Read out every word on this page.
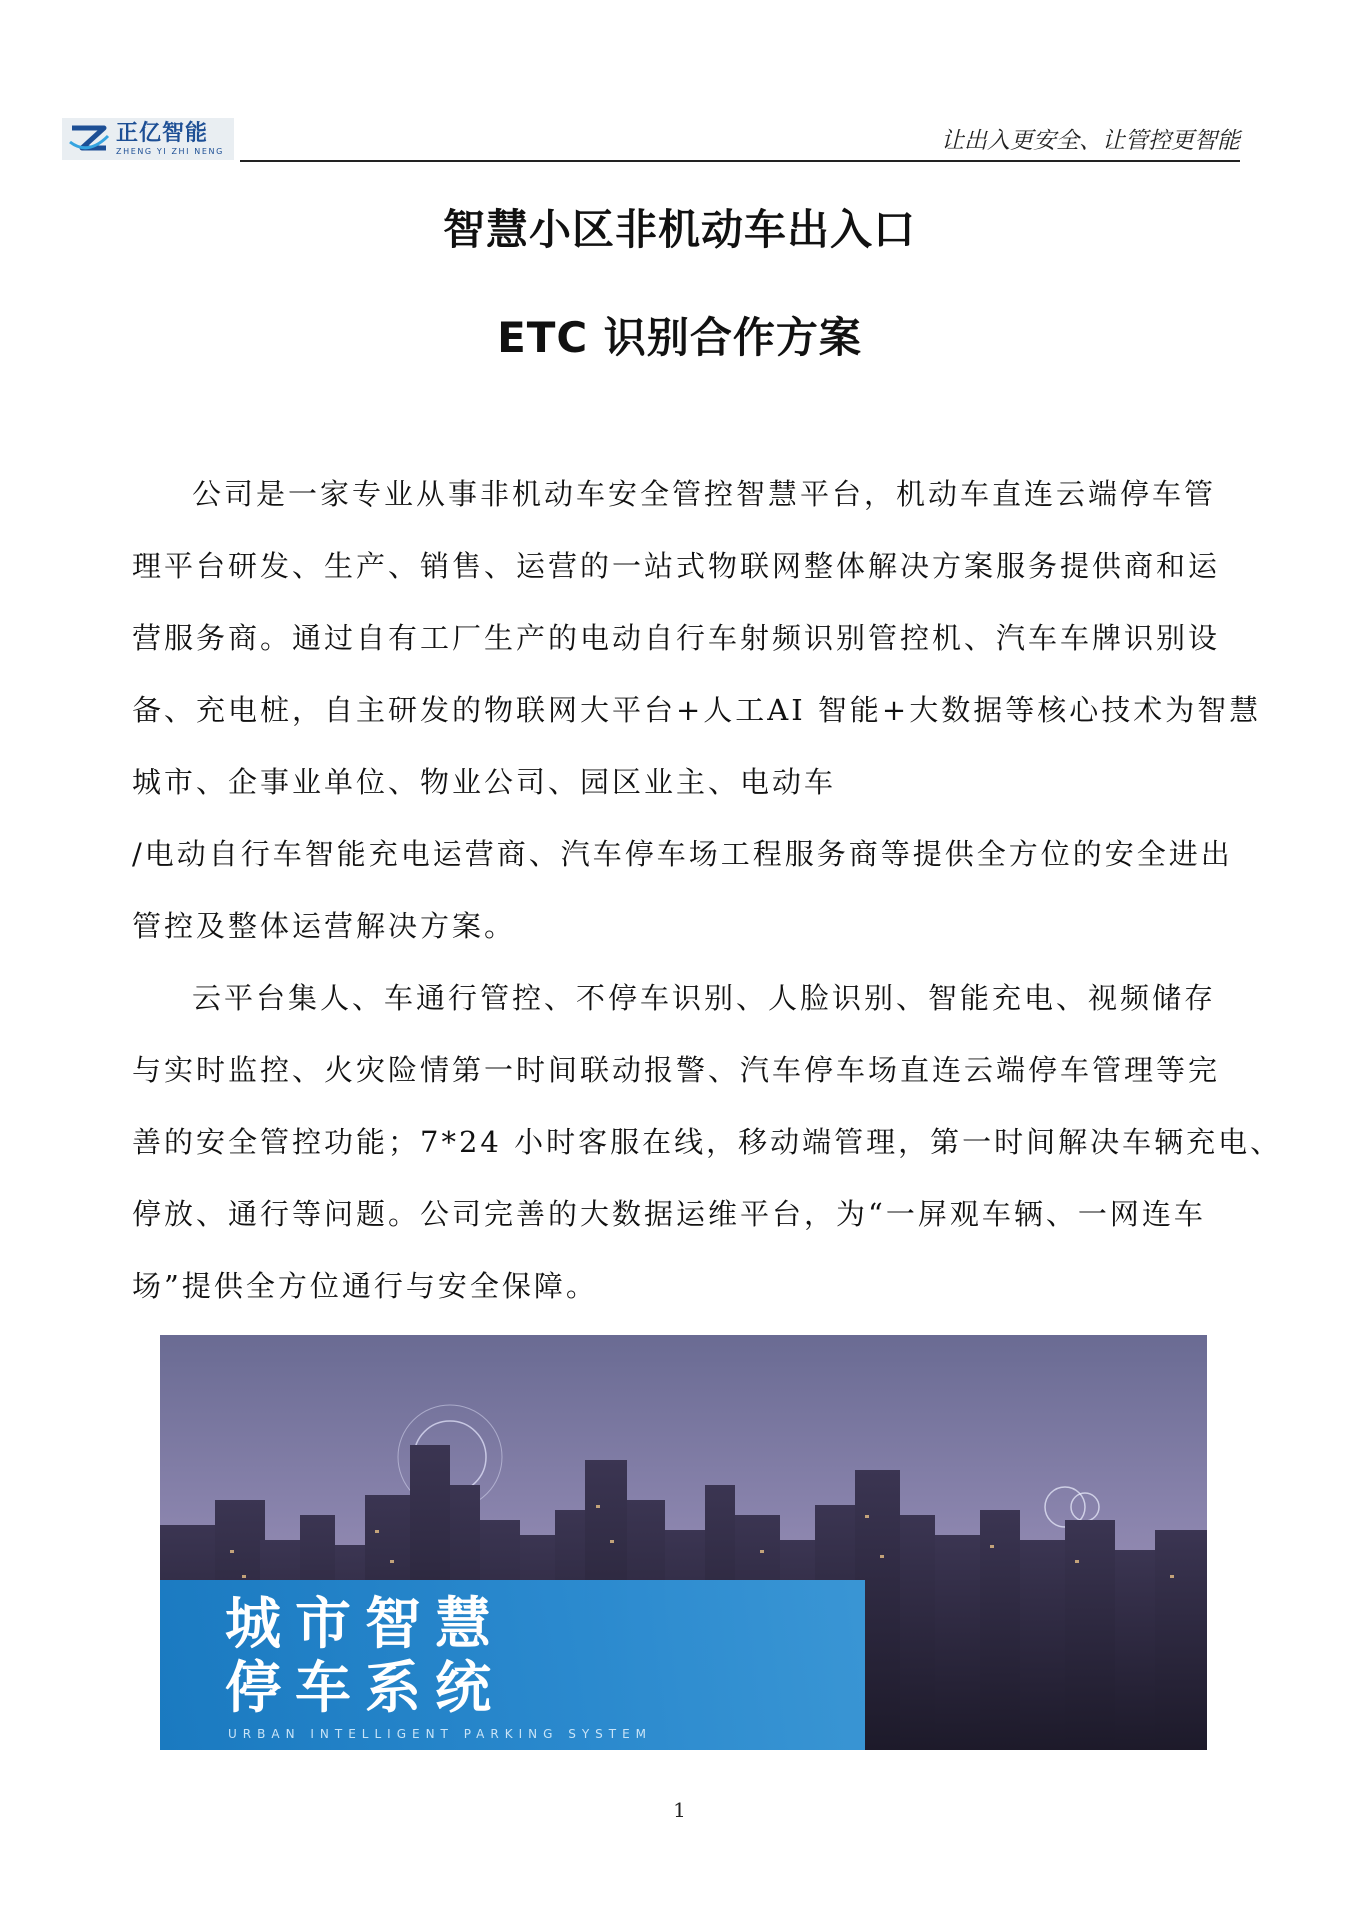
正亿智能
ZHENG YI ZHI NENG	让出入更安全、让管控更智能
智慧小区非机动车出入口
ETC 识别合作方案
公司是一家专业从事非机动车安全管控智慧平台，机动车直连云端停车管
理平台研发、生产、销售、运营的一站式物联网整体解决方案服务提供商和运
营服务商。通过自有工厂生产的电动自行车射频识别管控机、汽车车牌识别设
备、充电桩，自主研发的物联网大平台+人工AI 智能+大数据等核心技术为智慧
城市、企事业单位、物业公司、园区业主、电动车
/电动自行车智能充电运营商、汽车停车场工程服务商等提供全方位的安全进出
管控及整体运营解决方案。
云平台集人、车通行管控、不停车识别、人脸识别、智能充电、视频储存
与实时监控、火灾险情第一时间联动报警、汽车停车场直连云端停车管理等完
善的安全管控功能；7*24 小时客服在线，移动端管理，第一时间解决车辆充电、
停放、通行等问题。公司完善的大数据运维平台，为“一屏观车辆、一网连车
场”提供全方位通行与安全保障。
城市智慧
停车系统
URBAN INTELLIGENT PARKING SYSTEM
1
